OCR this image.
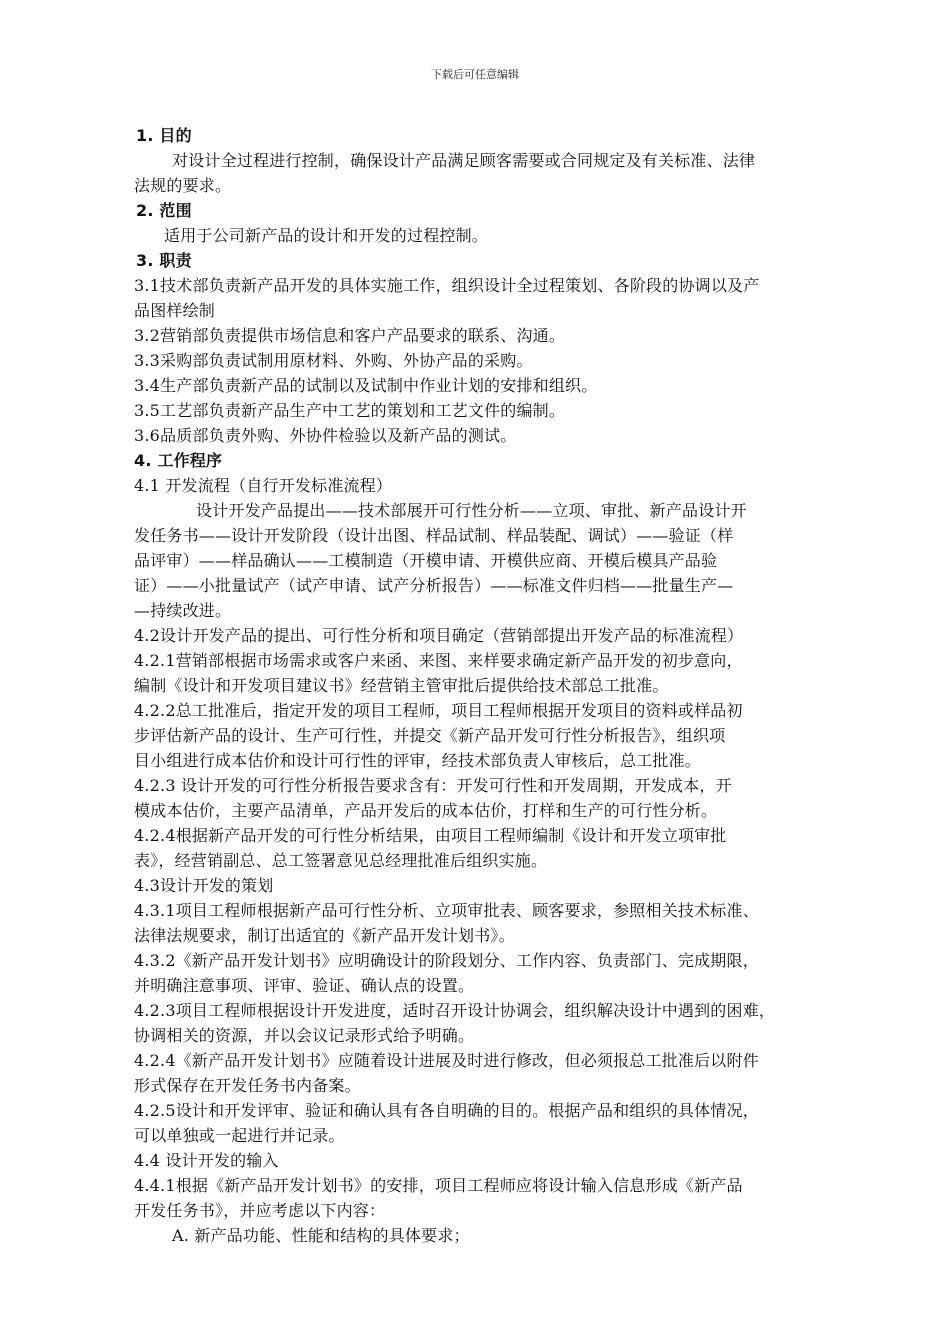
下载后可任意编辑
1. 目的
对设计全过程进行控制，确保设计产品满足顾客需要或合同规定及有关标准、法律
法规的要求。
2. 范围
适用于公司新产品的设计和开发的过程控制。
3. 职责
3.1技术部负责新产品开发的具体实施工作，组织设计全过程策划、各阶段的协调以及产
品图样绘制
3.2营销部负责提供市场信息和客户产品要求的联系、沟通。
3.3采购部负责试制用原材料、外购、外协产品的采购。
3.4生产部负责新产品的试制以及试制中作业计划的安排和组织。
3.5工艺部负责新产品生产中工艺的策划和工艺文件的编制。
3.6品质部负责外购、外协件检验以及新产品的测试。
4. 工作程序
4.1 开发流程（自行开发标准流程）
设计开发产品提出——技术部展开可行性分析——立项、审批、新产品设计开
发任务书——设计开发阶段（设计出图、样品试制、样品装配、调试）——验证（样
品评审）——样品确认——工模制造（开模申请、开模供应商、开模后模具产品验
证）——小批量试产（试产申请、试产分析报告）——标准文件归档——批量生产—
—持续改进。
4.2设计开发产品的提出、可行性分析和项目确定（营销部提出开发产品的标准流程）
4.2.1营销部根据市场需求或客户来函、来图、来样要求确定新产品开发的初步意向，
编制《设计和开发项目建议书》经营销主管审批后提供给技术部总工批准。
4.2.2总工批准后，指定开发的项目工程师，项目工程师根据开发项目的资料或样品初
步评估新产品的设计、生产可行性，并提交《新产品开发可行性分析报告》，组织项
目小组进行成本估价和设计可行性的评审，经技术部负责人审核后，总工批准。
4.2.3 设计开发的可行性分析报告要求含有：开发可行性和开发周期，开发成本，开
模成本估价，主要产品清单，产品开发后的成本估价，打样和生产的可行性分析。
4.2.4根据新产品开发的可行性分析结果，由项目工程师编制《设计和开发立项审批
表》，经营销副总、总工签署意见总经理批准后组织实施。
4.3设计开发的策划
4.3.1项目工程师根据新产品可行性分析、立项审批表、顾客要求，参照相关技术标准、
法律法规要求，制订出适宜的《新产品开发计划书》。
4.3.2《新产品开发计划书》应明确设计的阶段划分、工作内容、负责部门、完成期限，
并明确注意事项、评审、验证、确认点的设置。
4.2.3项目工程师根据设计开发进度，适时召开设计协调会，组织解决设计中遇到的困难，
协调相关的资源，并以会议记录形式给予明确。
4.2.4《新产品开发计划书》应随着设计进展及时进行修改，但必须报总工批准后以附件
形式保存在开发任务书内备案。
4.2.5设计和开发评审、验证和确认具有各自明确的目的。根据产品和组织的具体情况，
可以单独或一起进行并记录。
4.4 设计开发的输入
4.4.1根据《新产品开发计划书》的安排，项目工程师应将设计输入信息形成《新产品
开发任务书》，并应考虑以下内容：
A. 新产品功能、性能和结构的具体要求；
